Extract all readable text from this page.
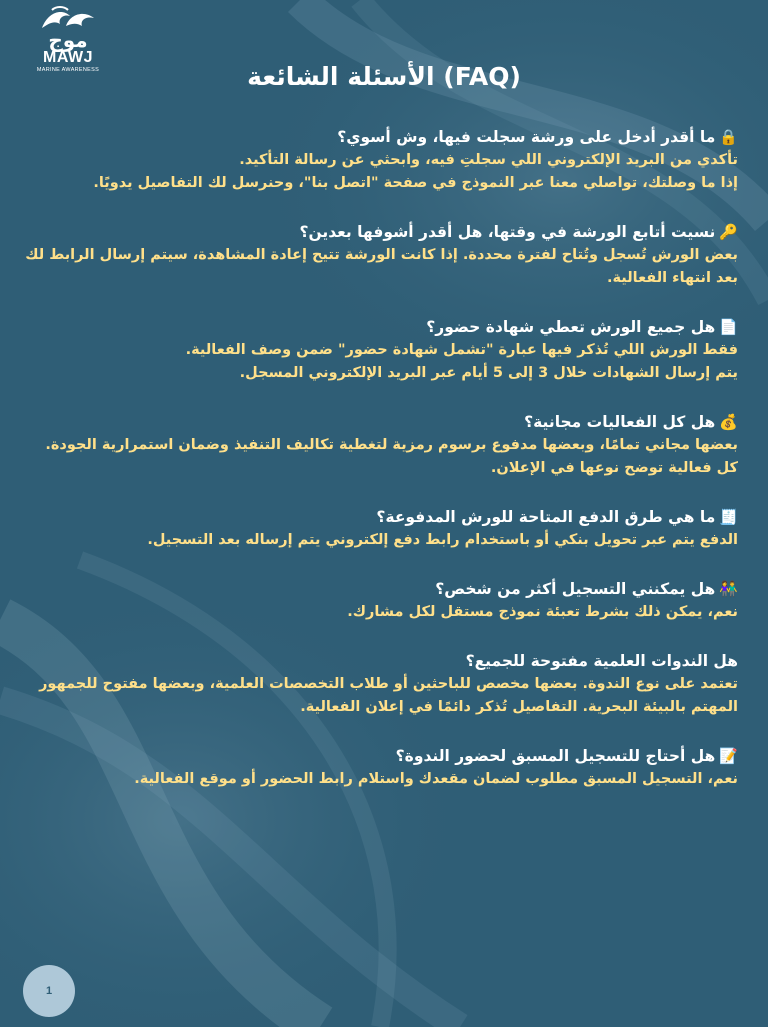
موج
MAWJ
MARINE AWARENESS	الأسئلة الشائعة (FAQ)

🔒ما أقدر أدخل على ورشة سجلت فيها، وش أسوي؟

تأكدي من البريد الإلكتروني اللي سجلتِ فيه، وابحثي عن رسالة التأكيد.

إذا ما وصلتك، تواصلي معنا عبر النموذج في صفحة "اتصل بنا"، وحنرسل لك التفاصيل يدويًا.

🔑نسيت أتابع الورشة في وقتها، هل أقدر أشوفها بعدين؟

بعض الورش تُسجل وتُتاح لفترة محددة. إذا كانت الورشة تتيح إعادة المشاهدة، سيتم إرسال الرابط لك بعد انتهاء الفعالية.

📄هل جميع الورش تعطي شهادة حضور؟

فقط الورش اللي تُذكر فيها عبارة "تشمل شهادة حضور" ضمن وصف الفعالية.

يتم إرسال الشهادات خلال 3 إلى 5 أيام عبر البريد الإلكتروني المسجل.

💰هل كل الفعاليات مجانية؟

بعضها مجاني تمامًا، وبعضها مدفوع برسوم رمزية لتغطية تكاليف التنفيذ وضمان استمرارية الجودة.

كل فعالية توضح نوعها في الإعلان.

🧾ما هي طرق الدفع المتاحة للورش المدفوعة؟

الدفع يتم عبر تحويل بنكي أو باستخدام رابط دفع إلكتروني يتم إرساله بعد التسجيل.

👫هل يمكنني التسجيل أكثر من شخص؟

نعم، يمكن ذلك بشرط تعبئة نموذج مستقل لكل مشارك.

هل الندوات العلمية مفتوحة للجميع؟

تعتمد على نوع الندوة. بعضها مخصص للباحثين أو طلاب التخصصات العلمية، وبعضها مفتوح للجمهور المهتم بالبيئة البحرية. التفاصيل تُذكر دائمًا في إعلان الفعالية.

📝هل أحتاج للتسجيل المسبق لحضور الندوة؟

نعم، التسجيل المسبق مطلوب لضمان مقعدك واستلام رابط الحضور أو موقع الفعالية.

1
